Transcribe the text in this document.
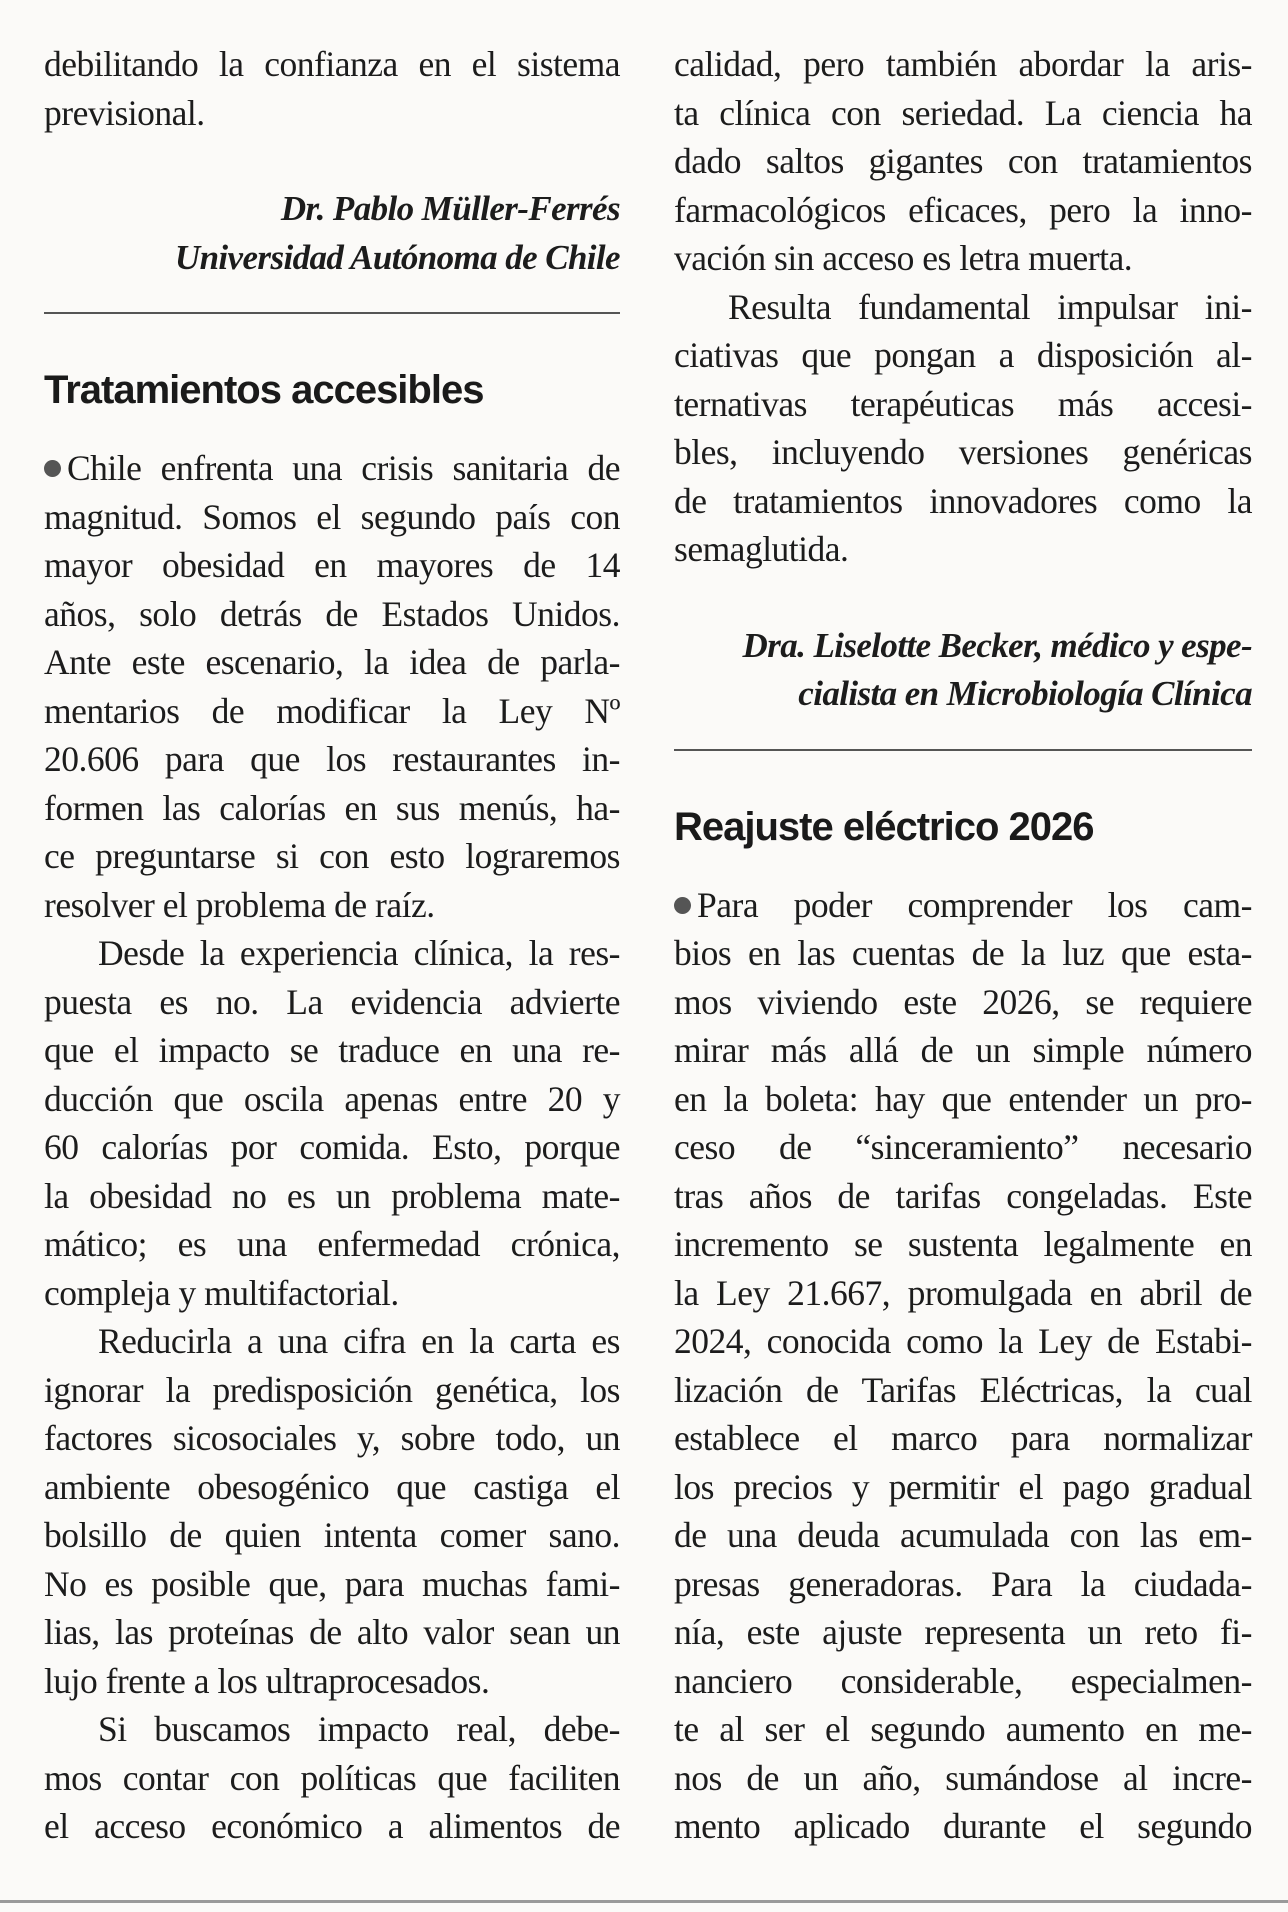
debilitando la confianza en el sistema
previsional.

Dr. Pablo Müller-Ferrés

Universidad Autónoma de Chile

Tratamientos accesibles
Chile enfrenta una crisis sanitaria de
magnitud. Somos el segundo país con
mayor obesidad en mayores de 14
años, solo detrás de Estados Unidos.
Ante este escenario, la idea de parla-
mentarios de modificar la Ley Nº
20.606 para que los restaurantes in-
formen las calorías en sus menús, ha-
ce preguntarse si con esto lograremos
resolver el problema de raíz.
Desde la experiencia clínica, la res-
puesta es no. La evidencia advierte
que el impacto se traduce en una re-
ducción que oscila apenas entre 20 y
60 calorías por comida. Esto, porque
la obesidad no es un problema mate-
mático; es una enfermedad crónica,
compleja y multifactorial.
Reducirla a una cifra en la carta es
ignorar la predisposición genética, los
factores sicosociales y, sobre todo, un
ambiente obesogénico que castiga el
bolsillo de quien intenta comer sano.
No es posible que, para muchas fami-
lias, las proteínas de alto valor sean un
lujo frente a los ultraprocesados.
Si buscamos impacto real, debe-
mos contar con políticas que faciliten
el acceso económico a alimentos de
calidad, pero también abordar la aris-
ta clínica con seriedad. La ciencia ha
dado saltos gigantes con tratamientos
farmacológicos eficaces, pero la inno-
vación sin acceso es letra muerta.
Resulta fundamental impulsar ini-
ciativas que pongan a disposición al-
ternativas terapéuticas más accesi-
bles, incluyendo versiones genéricas
de tratamientos innovadores como la
semaglutida.

Dra. Liselotte Becker, médico y espe-

cialista en Microbiología Clínica

Reajuste eléctrico 2026
Para poder comprender los cam-
bios en las cuentas de la luz que esta-
mos viviendo este 2026, se requiere
mirar más allá de un simple número
en la boleta: hay que entender un pro-
ceso de “sinceramiento” necesario
tras años de tarifas congeladas. Este
incremento se sustenta legalmente en
la Ley 21.667, promulgada en abril de
2024, conocida como la Ley de Estabi-
lización de Tarifas Eléctricas, la cual
establece el marco para normalizar
los precios y permitir el pago gradual
de una deuda acumulada con las em-
presas generadoras. Para la ciudada-
nía, este ajuste representa un reto fi-
nanciero considerable, especialmen-
te al ser el segundo aumento en me-
nos de un año, sumándose al incre-
mento aplicado durante el segundo
